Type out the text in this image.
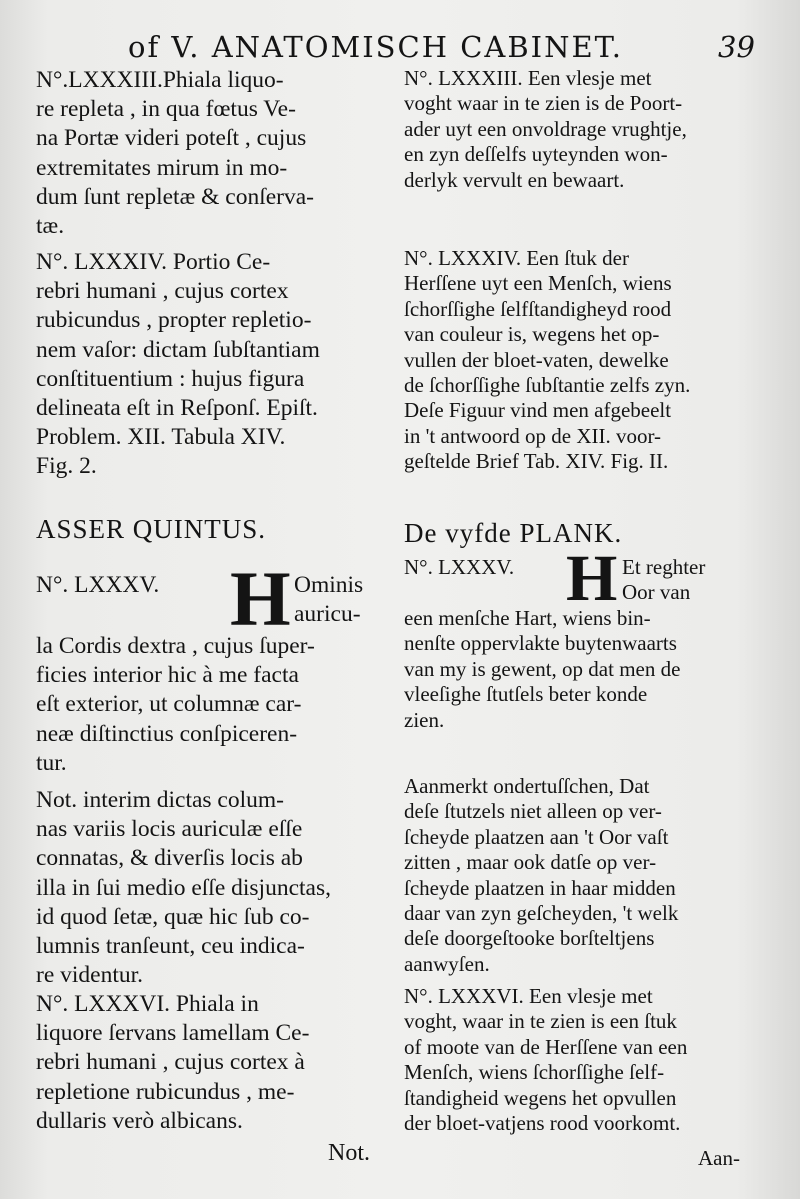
of V. ANATOMISCH CABINET.	39

N°.LXXXIII.Phiala liquo-
re repleta , in qua fœtus Ve-
na Portæ videri poteſt , cujus
extremitates mirum in mo-
dum ſunt repletæ & conſerva-
tæ.

N°. LXXXIV. Portio Ce-
rebri humani , cujus cortex
rubicundus , propter repletio-
nem vaſor: dictam ſubſtantiam
conſtituentium : hujus figura
delineata eſt in Reſponſ. Epiſt.
Problem. XII. Tabula XIV.
Fig. 2.

ASSER QUINTUS.
N°. LXXXV. H Ominis
auricu-

la Cordis dextra , cujus ſuper-
ficies interior hic à me facta
eſt exterior, ut columnæ car-
neæ diſtinctius conſpiceren-
tur.

Not. interim dictas colum-
nas variis locis auriculæ eſſe
connatas, & diverſis locis ab
illa in ſui medio eſſe disjunctas,
id quod ſetæ, quæ hic ſub co-
lumnis tranſeunt, ceu indica-
re videntur.

N°. LXXXVI. Phiala in
liquore ſervans lamellam Ce-
rebri humani , cujus cortex à
repletione rubicundus , me-
dullaris verò albicans.

N°. LXXXIII. Een vlesje met
voght waar in te zien is de Poort-
ader uyt een onvoldrage vrughtje,
en zyn deſſelfs uyteynden won-
derlyk vervult en bewaart.

N°. LXXXIV. Een ſtuk der
Herſſene uyt een Menſch, wiens
ſchorſſighe ſelfſtandigheyd rood
van couleur is, wegens het op-
vullen der bloet-vaten, dewelke
de ſchorſſighe ſubſtantie zelfs zyn.
Deſe Figuur vind men afgebeelt
in 't antwoord op de XII. voor-
geſtelde Brief Tab. XIV. Fig. II.

De vyfde PLANK.
N°. LXXXV. H Et reghter
Oor van

een menſche Hart, wiens bin-
nenſte oppervlakte buytenwaarts
van my is gewent, op dat men de
vleeſighe ſtutſels beter konde
zien.

Aanmerkt ondertuſſchen, Dat
deſe ſtutzels niet alleen op ver-
ſcheyde plaatzen aan 't Oor vaſt
zitten , maar ook datſe op ver-
ſcheyde plaatzen in haar midden
daar van zyn geſcheyden, 't welk
deſe doorgeſtooke borſteltjens
aanwyſen.

N°. LXXXVI. Een vlesje met
voght, waar in te zien is een ſtuk
of moote van de Herſſene van een
Menſch, wiens ſchorſſighe ſelf-
ſtandigheid wegens het opvullen
der bloet-vatjens rood voorkomt.

Not.	Aan-
